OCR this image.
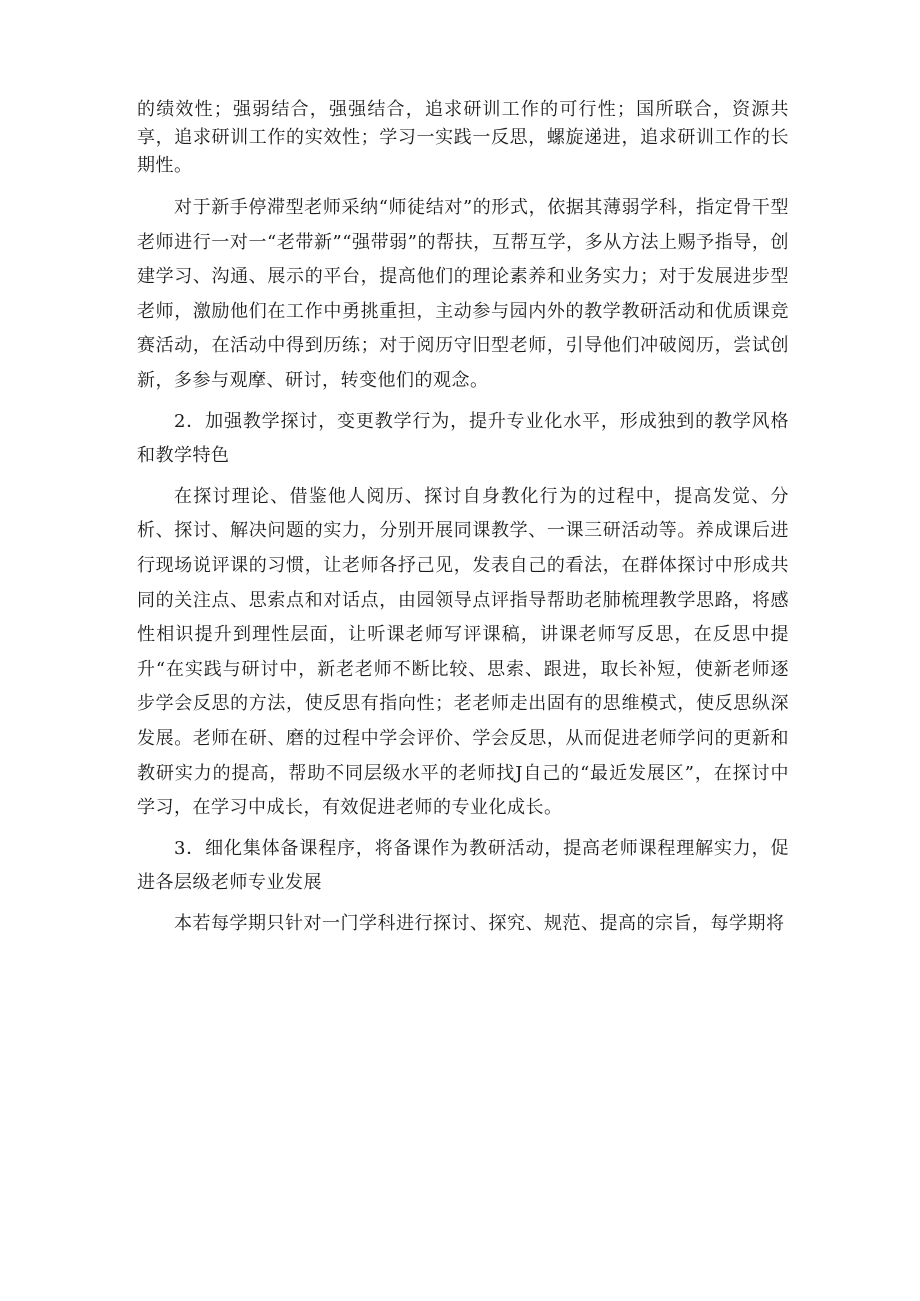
的绩效性；强弱结合，强强结合，追求研训工作的可行性；国所联合，资源共享，追求研训工作的实效性；学习一实践一反思，螺旋递进，追求研训工作的长期性。

对于新手停滞型老师采纳“师徒结对”的形式，依据其薄弱学科，指定骨干型老师进行一对一“老带新”“强带弱”的帮扶，互帮互学，多从方法上赐予指导，创建学习、沟通、展示的平台，提高他们的理论素养和业务实力；对于发展进步型老师，激励他们在工作中勇挑重担，主动参与园内外的教学教研活动和优质课竞赛活动，在活动中得到历练；对于阅历守旧型老师，引导他们冲破阅历，尝试创新，多参与观摩、研讨，转变他们的观念。

2．加强教学探讨，变更教学行为，提升专业化水平，形成独到的教学风格和教学特色

在探讨理论、借鉴他人阅历、探讨自身教化行为的过程中，提高发觉、分析、探讨、解决问题的实力，分别开展同课教学、一课三研活动等。养成课后进行现场说评课的习惯，让老师各抒己见，发表自己的看法，在群体探讨中形成共同的关注点、思索点和对话点，由园领导点评指导帮助老肺梳理教学思路，将感性相识提升到理性层面，让听课老师写评课稿，讲课老师写反思，在反思中提升“在实践与研讨中，新老老师不断比较、思索、跟进，取长补短，使新老师逐步学会反思的方法，使反思有指向性；老老师走出固有的思维模式，使反思纵深发展。老师在研、磨的过程中学会评价、学会反思，从而促进老师学问的更新和教研实力的提高，帮助不同层级水平的老师找J自己的“最近发展区”，在探讨中学习，在学习中成长，有效促进老师的专业化成长。

3．细化集体备课程序，将备课作为教研活动，提高老师课程理解实力，促进各层级老师专业发展

本若每学期只针对一门学科进行探讨、探究、规范、提高的宗旨，每学期将
